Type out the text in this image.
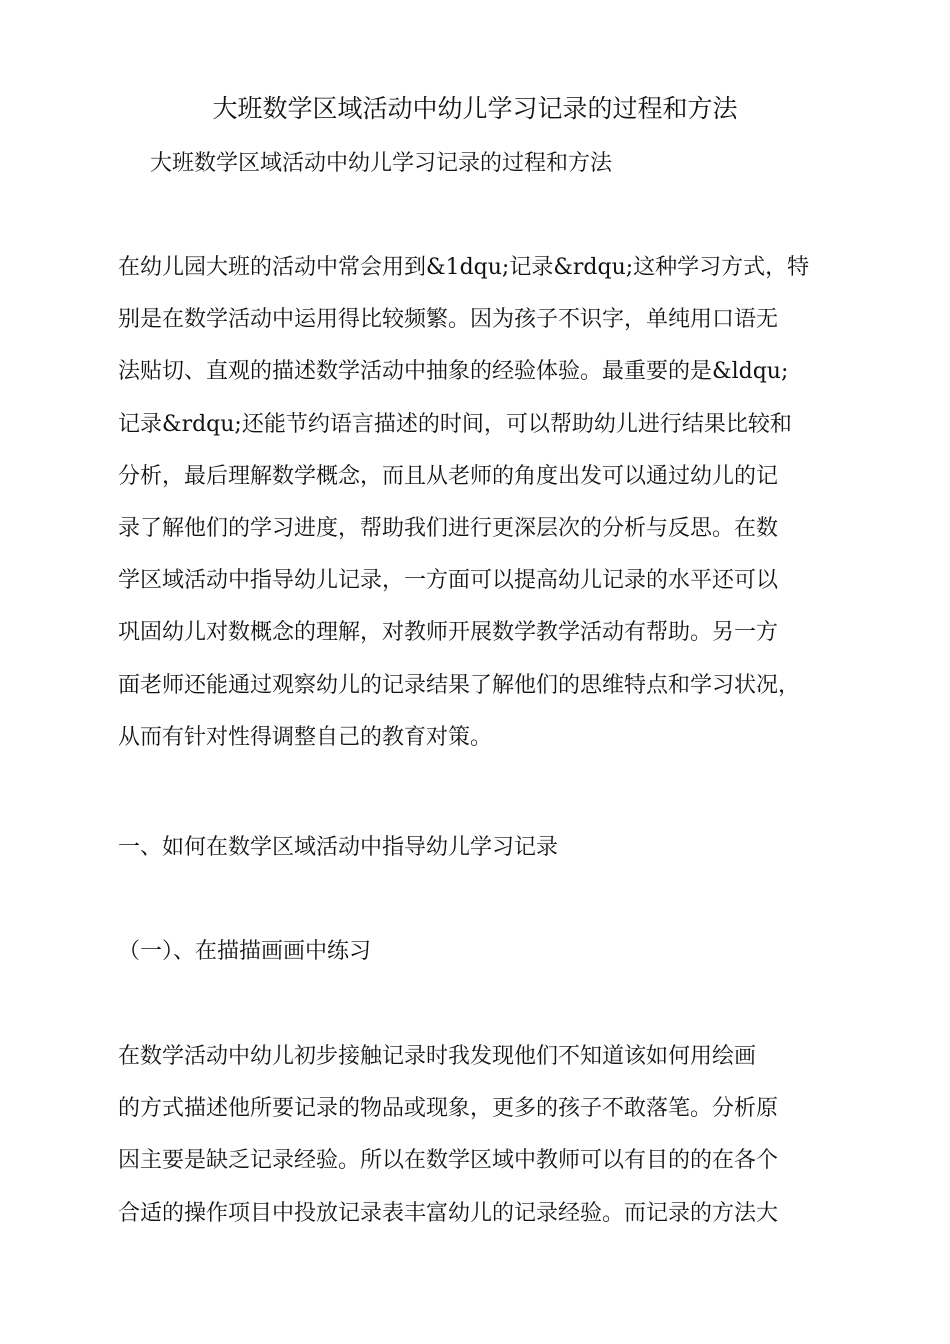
大班数学区域活动中幼儿学习记录的过程和方法

大班数学区域活动中幼儿学习记录的过程和方法

在幼儿园大班的活动中常会用到&1dqu;记录&rdqu;这种学习方式，特
别是在数学活动中运用得比较频繁。因为孩子不识字，单纯用口语无
法贴切、直观的描述数学活动中抽象的经验体验。最重要的是&ldqu;
记录&rdqu;还能节约语言描述的时间，可以帮助幼儿进行结果比较和
分析，最后理解数学概念，而且从老师的角度出发可以通过幼儿的记
录了解他们的学习进度，帮助我们进行更深层次的分析与反思。在数
学区域活动中指导幼儿记录，一方面可以提高幼儿记录的水平还可以
巩固幼儿对数概念的理解，对教师开展数学教学活动有帮助。另一方
面老师还能通过观察幼儿的记录结果了解他们的思维特点和学习状况，
从而有针对性得调整自己的教育对策。
一、如何在数学区域活动中指导幼儿学习记录
（一）、在描描画画中练习
在数学活动中幼儿初步接触记录时我发现他们不知道该如何用绘画
的方式描述他所要记录的物品或现象，更多的孩子不敢落笔。分析原
因主要是缺乏记录经验。所以在数学区域中教师可以有目的的在各个
合适的操作项目中投放记录表丰富幼儿的记录经验。而记录的方法大
